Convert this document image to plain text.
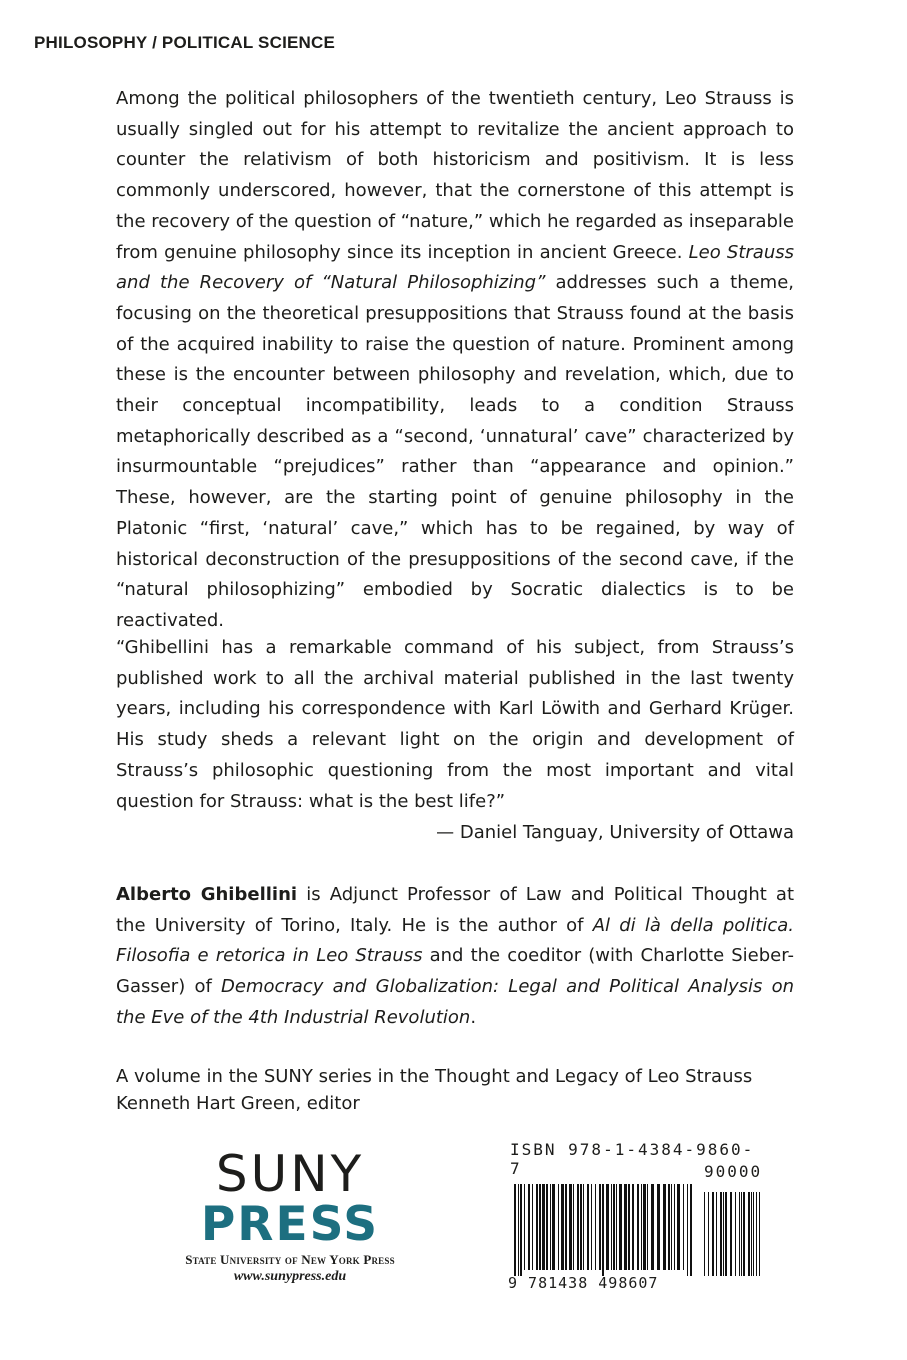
PHILOSOPHY / POLITICAL SCIENCE

Among the political philosophers of the twentieth century, Leo Strauss is usually singled out for his attempt to revitalize the ancient approach to counter the relativism of both historicism and positivism. It is less commonly underscored, however, that the cornerstone of this attempt is the recovery of the question of “nature,” which he regarded as inseparable from genuine philosophy since its inception in ancient Greece. Leo Strauss and the Recovery of “Natural Philosophizing” addresses such a theme, focusing on the theoretical presuppositions that Strauss found at the basis of the acquired inability to raise the question of nature. Prominent among these is the encounter between philosophy and revelation, which, due to their conceptual incompatibility, leads to a condition Strauss metaphorically described as a “second, ‘unnatural’ cave” characterized by insurmountable “prejudices” rather than “appearance and opinion.” These, however, are the starting point of genuine philosophy in the Platonic “first, ‘natural’ cave,” which has to be regained, by way of historical deconstruction of the presuppositions of the second cave, if the “natural philosophizing” embodied by Socratic dialectics is to be reactivated.

“Ghibellini has a remarkable command of his subject, from Strauss’s published work to all the archival material published in the last twenty years, including his correspondence with Karl Löwith and Gerhard Krüger. His study sheds a relevant light on the origin and development of Strauss’s philosophic questioning from the most important and vital question for Strauss: what is the best life?”

— Daniel Tanguay, University of Ottawa

Alberto Ghibellini is Adjunct Professor of Law and Political Thought at the University of Torino, Italy. He is the author of Al di là della politica. Filosofia e retorica in Leo Strauss and the coeditor (with Charlotte Sieber-Gasser) of Democracy and Globalization: Legal and Political Analysis on the Eve of the 4th Industrial Revolution.

A volume in the SUNY series in the Thought and Legacy of Leo Strauss
Kenneth Hart Green, editor
SUNY
PRESS
State University of New York Press
www.sunypress.edu
ISBN 978-1-4384-9860-7	90000
9 781438 498607
